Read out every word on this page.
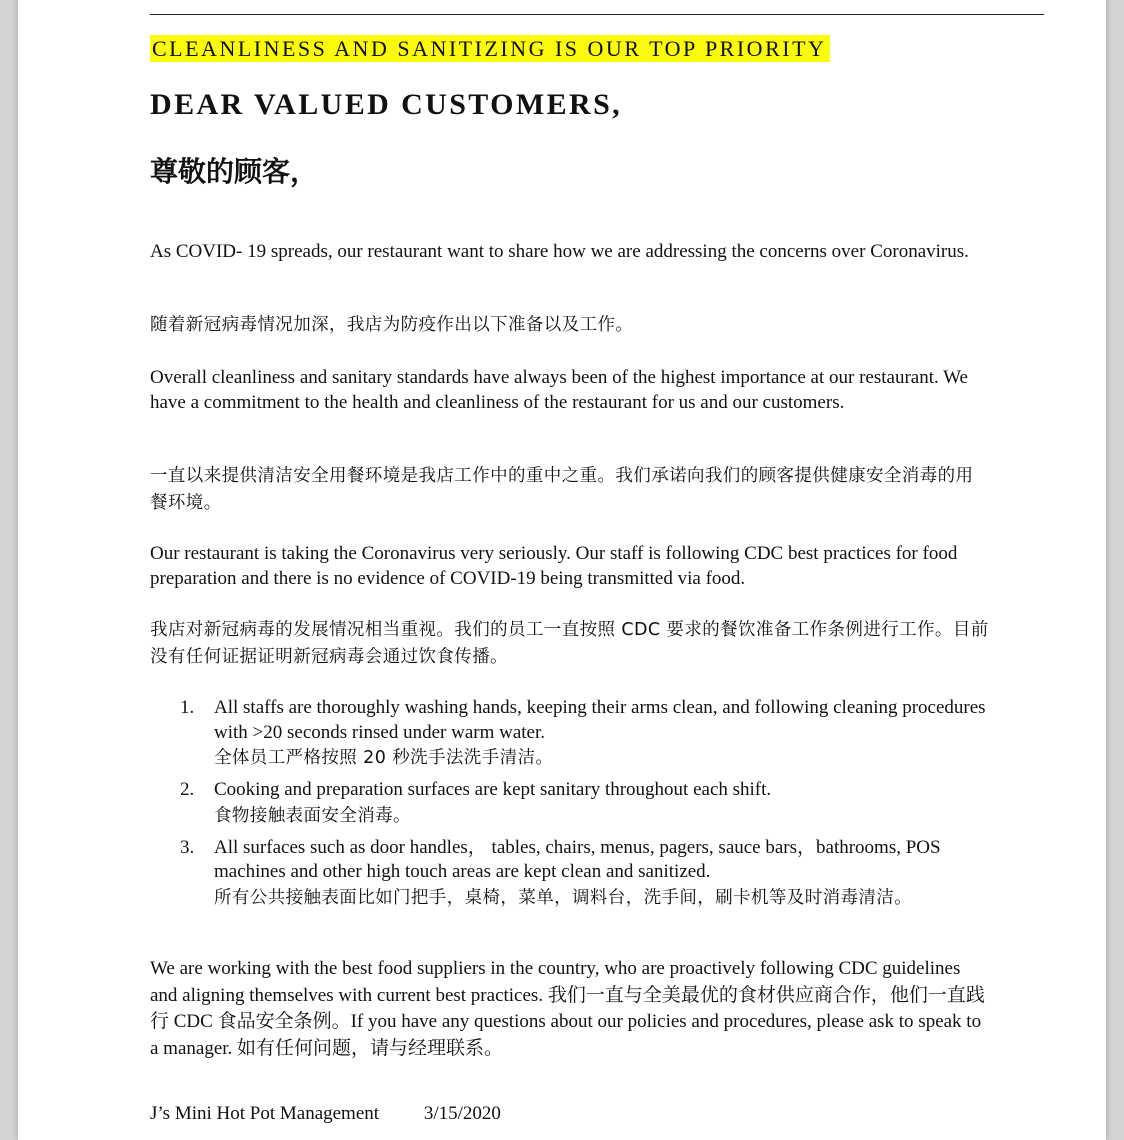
———————————————————————————————————————————————
CLEANLINESS AND SANITIZING IS OUR TOP PRIORITY
DEAR VALUED CUSTOMERS,
尊敬的顾客，
As COVID- 19 spreads, our restaurant want to share how we are addressing the concerns over Coronavirus.
随着新冠病毒情况加深，我店为防疫作出以下准备以及工作。
Overall cleanliness and sanitary standards have always been of the highest importance at our restaurant. We have a commitment to the health and cleanliness of the restaurant for us and our customers.
一直以来提供清洁安全用餐环境是我店工作中的重中之重。我们承诺向我们的顾客提供健康安全消毒的用餐环境。
Our restaurant is taking the Coronavirus very seriously. Our staff is following CDC best practices for food preparation and there is no evidence of COVID-19 being transmitted via food.
我店对新冠病毒的发展情况相当重视。我们的员工一直按照 CDC 要求的餐饮准备工作条例进行工作。目前没有任何证据证明新冠病毒会通过饮食传播。
1. All staffs are thoroughly washing hands, keeping their arms clean, and following cleaning procedures with >20 seconds rinsed under warm water.
全体员工严格按照 20 秒洗手法洗手清洁。
2. Cooking and preparation surfaces are kept sanitary throughout each shift.
食物接触表面安全消毒。
3. All surfaces such as door handles， tables, chairs, menus, pagers, sauce bars，bathrooms, POS machines and other high touch areas are kept clean and sanitized.
所有公共接触表面比如门把手，桌椅，菜单，调料台，洗手间，刷卡机等及时消毒清洁。
We are working with the best food suppliers in the country, who are proactively following CDC guidelines and aligning themselves with current best practices. 我们一直与全美最优的食材供应商合作，他们一直践行 CDC 食品安全条例。If you have any questions about our policies and procedures, please ask to speak to a manager. 如有任何问题，请与经理联系。
J’s Mini Hot Pot Management 3/15/2020
